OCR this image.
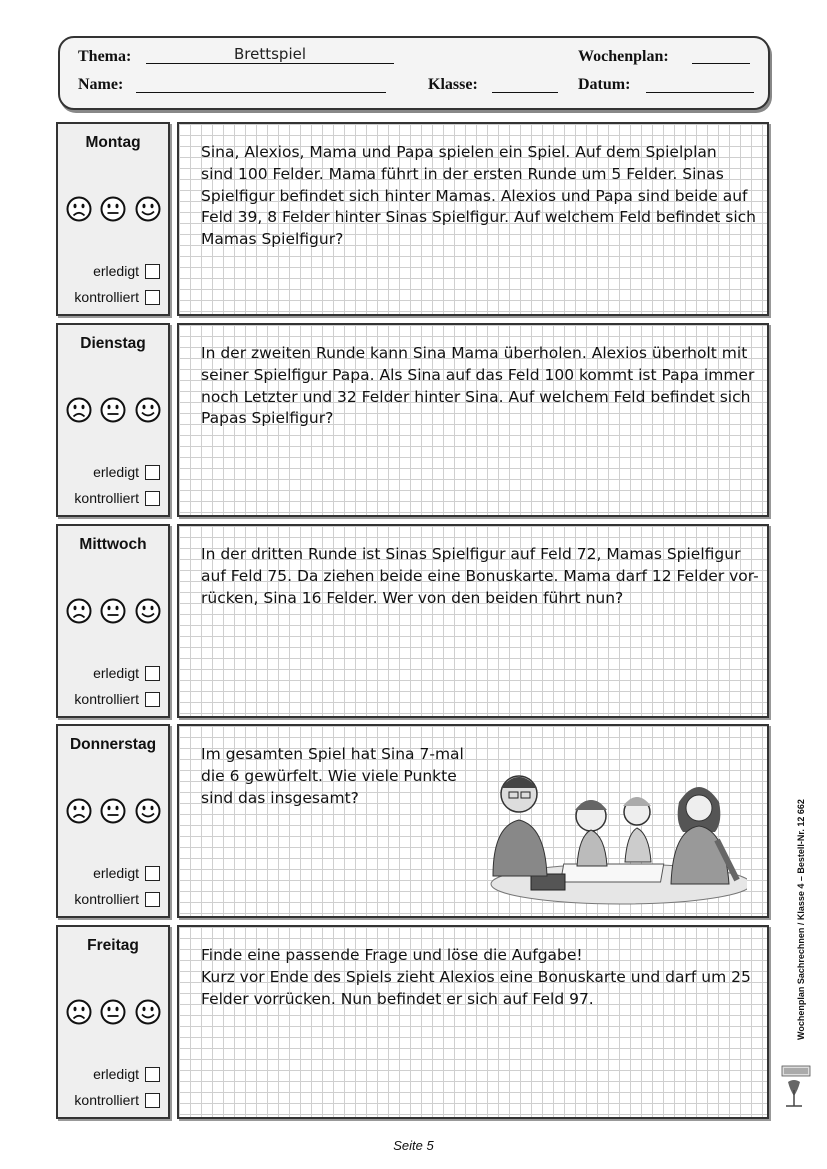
Thema:	Brettspiel	Wochenplan:
Name:	Klasse:	Datum:
Montag
erledigt
kontrolliert
Sina, Alexios, Mama und Papa spielen ein Spiel. Auf dem Spielplan
sind 100 Felder. Mama führt in der ersten Runde um 5 Felder. Sinas
Spielfigur befindet sich hinter Mamas. Alexios und Papa sind beide auf
Feld 39, 8 Felder hinter Sinas Spielfigur. Auf welchem Feld befindet sich
Mamas Spielfigur?
Dienstag
erledigt
kontrolliert
In der zweiten Runde kann Sina Mama überholen. Alexios überholt mit
seiner Spielfigur Papa. Als Sina auf das Feld 100 kommt ist Papa immer
noch Letzter und 32 Felder hinter Sina. Auf welchem Feld befindet sich
Papas Spielfigur?
Mittwoch
erledigt
kontrolliert
In der dritten Runde ist Sinas Spielfigur auf Feld 72, Mamas Spielfigur
auf Feld 75. Da ziehen beide eine Bonuskarte. Mama darf 12 Felder vor-
rücken, Sina 16 Felder. Wer von den beiden führt nun?
Donnerstag
erledigt
kontrolliert
Im gesamten Spiel hat Sina 7-mal
die 6 gewürfelt. Wie viele Punkte
sind das insgesamt?
Freitag
erledigt
kontrolliert
Finde eine passende Frage und löse die Aufgabe!
Kurz vor Ende des Spiels zieht Alexios eine Bonuskarte und darf um 25
Felder vorrücken. Nun befindet er sich auf Feld 97.
Seite 5
Wochenplan Sachrechnen / Klasse 4 – Bestell-Nr. 12 662
